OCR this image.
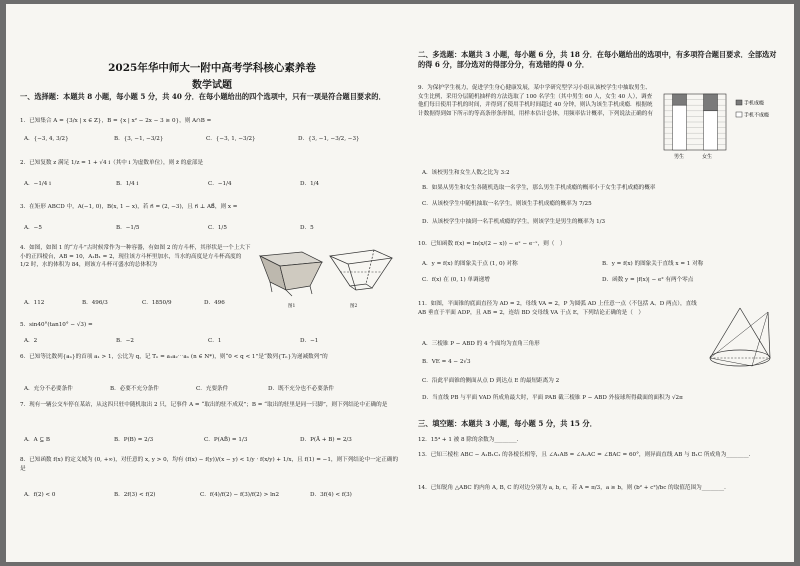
2025年华中师大一附中高考学科核心素养卷
数学试题
一、选择题：本题共 8 小题，每小题 5 分，共 40 分．在每小题给出的四个选项中，只有一项是符合题目要求的．
1．已知集合 A = {3/x | x ∈ Z}，B = {x | x² − 2x − 3 ≥ 0}，则 A∩B =
A．{−3, 4, 3/2}	B．{3, −1, −3/2}	C．{−3, 1, −3/2}	D．{3, −1, −3/2, −3}
2．已知复数 z 满足 1/z = 1 + √4 i（其中 i 为虚数单位），则 z̄ 的虚部是
A．−1/4 i	B．1/4 i	C．−1/4	D．1/4
3．在矩形 ABCD 中，A(−1, 0)，B(x, 1 − x)，若 n⃗ = (2, −3)，且 n⃗ ⊥ AB⃗，则 x =
A．−5	B．−1/5	C．1/5	D．5
4．如图，如图 1 的“方斗”古时候常作为一种容器，有如图 2 的方斗杯，其形状是一个上大下小的正四棱台，AB = 10，A₁B₁ = 2，现往该方斗杯里加水，当水的高度是方斗杯高度的 1/2 时，水的体积为 84，则该方斗杯可盛水的总体积为
A．112	B．496/3	C．1850/9	D．496
图1	图2
5．sin40°(tan10° − √3) =
A．2	B．−2	C．1	D．−1
6．已知等比数列{aₙ}的首项 a₁ > 1，公比为 q，记 Tₙ = a₁a₂⋯aₙ (n ∈ N*)，则“0 < q < 1”是“数列{Tₙ}为递减数列”的
A．充分不必要条件	B．必要不充分条件	C．充要条件	D．既不充分也不必要条件
7．现有一辆公交车停在某站，从这四只驻中随机取出 2 只，记事件 A = “取出的驻不成双”；B = “取出的驻里是同一只脚”，则下列结论中正确的是
A．A ⊆ B	B．P(B) = 2/3	C．P(AB̄) = 1/3	D．P(Ā + B) = 2/3
8．已知函数 f(x) 的定义域为 (0, +∞)，对任意的 x, y > 0，均有 (f(x) − f(y))/(x − y) < 1/y · f(x/y) + 1/x，且 f(1) = −1，则下列结论中一定正确的是
A．f(2) < 0	B．2f(3) < f(2)	C．f(4)/f(2) − f(3)/f(2) > ln2	D．3f(4) < f(3)
二、多选题：本题共 3 小题，每小题 6 分，共 18 分．在每小题给出的选项中，有多项符合题目要求．全部选对的得 6 分，部分选对的得部分分，有选错的得 0 分．
9．为保护学生视力，促进学生身心健康发展，某中学研究型学习小组从该校学生中抽取男生、女生比例，采用分层随机抽样的方法选取了 100 名学生（其中男生 60 人，女生 40 人），调查他们每日使用手机的时间，并得到了使用手机时间超过 40 分钟，则认为该生手机成瘾．根据统计数据得到如下所示的等高条形条形图，用样本估计总体，用频率估计概率，下列说法正确的有
手机成瘾
手机不成瘾
男生	女生
A．该校男生和女生人数之比为 3:2
B．如果从男生和女生各随机选取一名学生，那么男生手机成瘾的概率小于女生手机成瘾的概率
C．从该校学生中随机抽取一名学生，则该生手机成瘾的概率为 7/25
D．从该校学生中抽到一名手机成瘾的学生，则该学生是男生的概率为 1/3
10．已知函数 f(x) = ln(x/(2 − x)) − eˣ − e⁻ˣ，则（　）
A．y = f(x) 的图象关于点 (1, 0) 对称	B．y = f(x) 的图象关于直线 x = 1 对称
C．f(x) 在 (0, 1) 单调递增	D．函数 y = |f(x)| − e² 有两个零点
11．如图，平面锥的底面直径为 AD = 2，母线 VA = 2，P 为圆弧 AD 上任意一点（不包括 A、D 两点），直线 AB 垂直于平面 ADP，且 AB = 2，连结 BD 交母线 VA 于点 E，下列结论正确的是（　）
A．三棱锥 P − ABD 的 4 个面均为直角三角形
B．VE = 4 − 2√3
C．沿此平面锥的侧面从点 D 到达点 E 的最短距离为 2
D．当直线 PB 与平面 VAD 所成角最大时，平面 PAB 截三棱锥 P − ABD 外接球所得截面的面积为 √2π
三、填空题：本题共 3 小题，每小题 5 分，共 15 分．
12．15⁴ + 1 被 8 除的余数为________．
13．已知三棱柱 ABC − A₁B₁C₁ 的各棱长相等，且 ∠A₁AB = ∠A₁AC = ∠BAC = 60°，则异面直线 AB 与 B₁C 所成角为________．
14．已知锐角 △ABC 的内角 A, B, C 的对边分别为 a, b, c，若 A = π/3，a ≥ b，则 (b² + c²)/bc 的取值范围为________．
